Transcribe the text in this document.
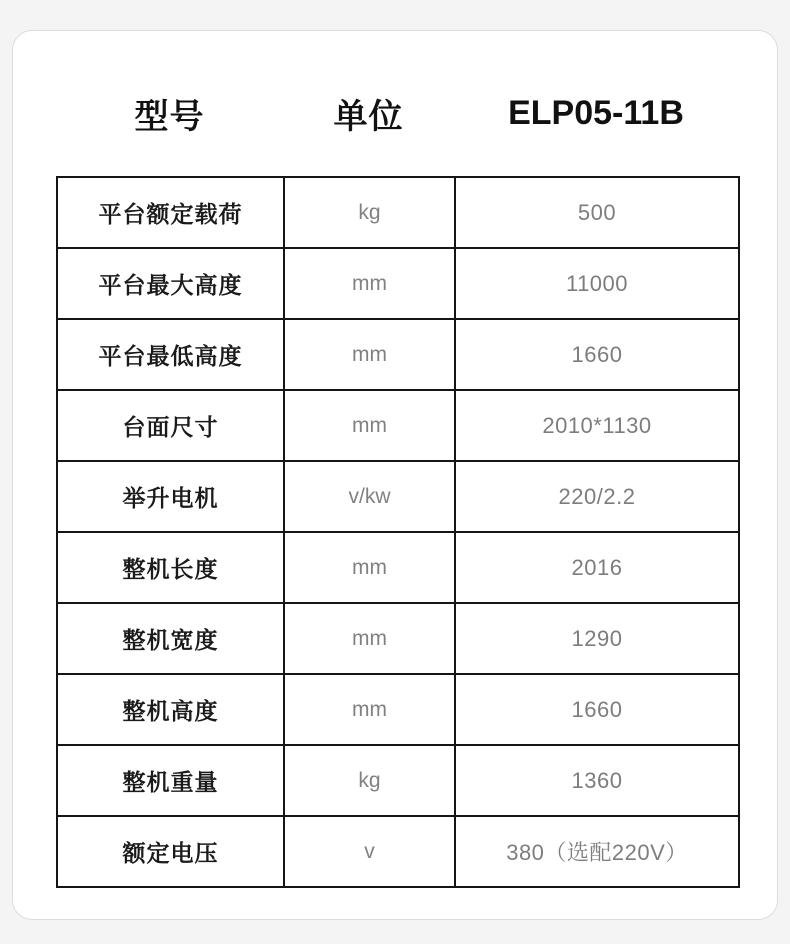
型号	单位	ELP05-11B
平台额定载荷	kg	500
平台最大高度	mm	11000
平台最低高度	mm	1660
台面尺寸	mm	2010*1130
举升电机	v/kw	220/2.2
整机长度	mm	2016
整机宽度	mm	1290
整机高度	mm	1660
整机重量	kg	1360
额定电压	v	380（选配220V）
